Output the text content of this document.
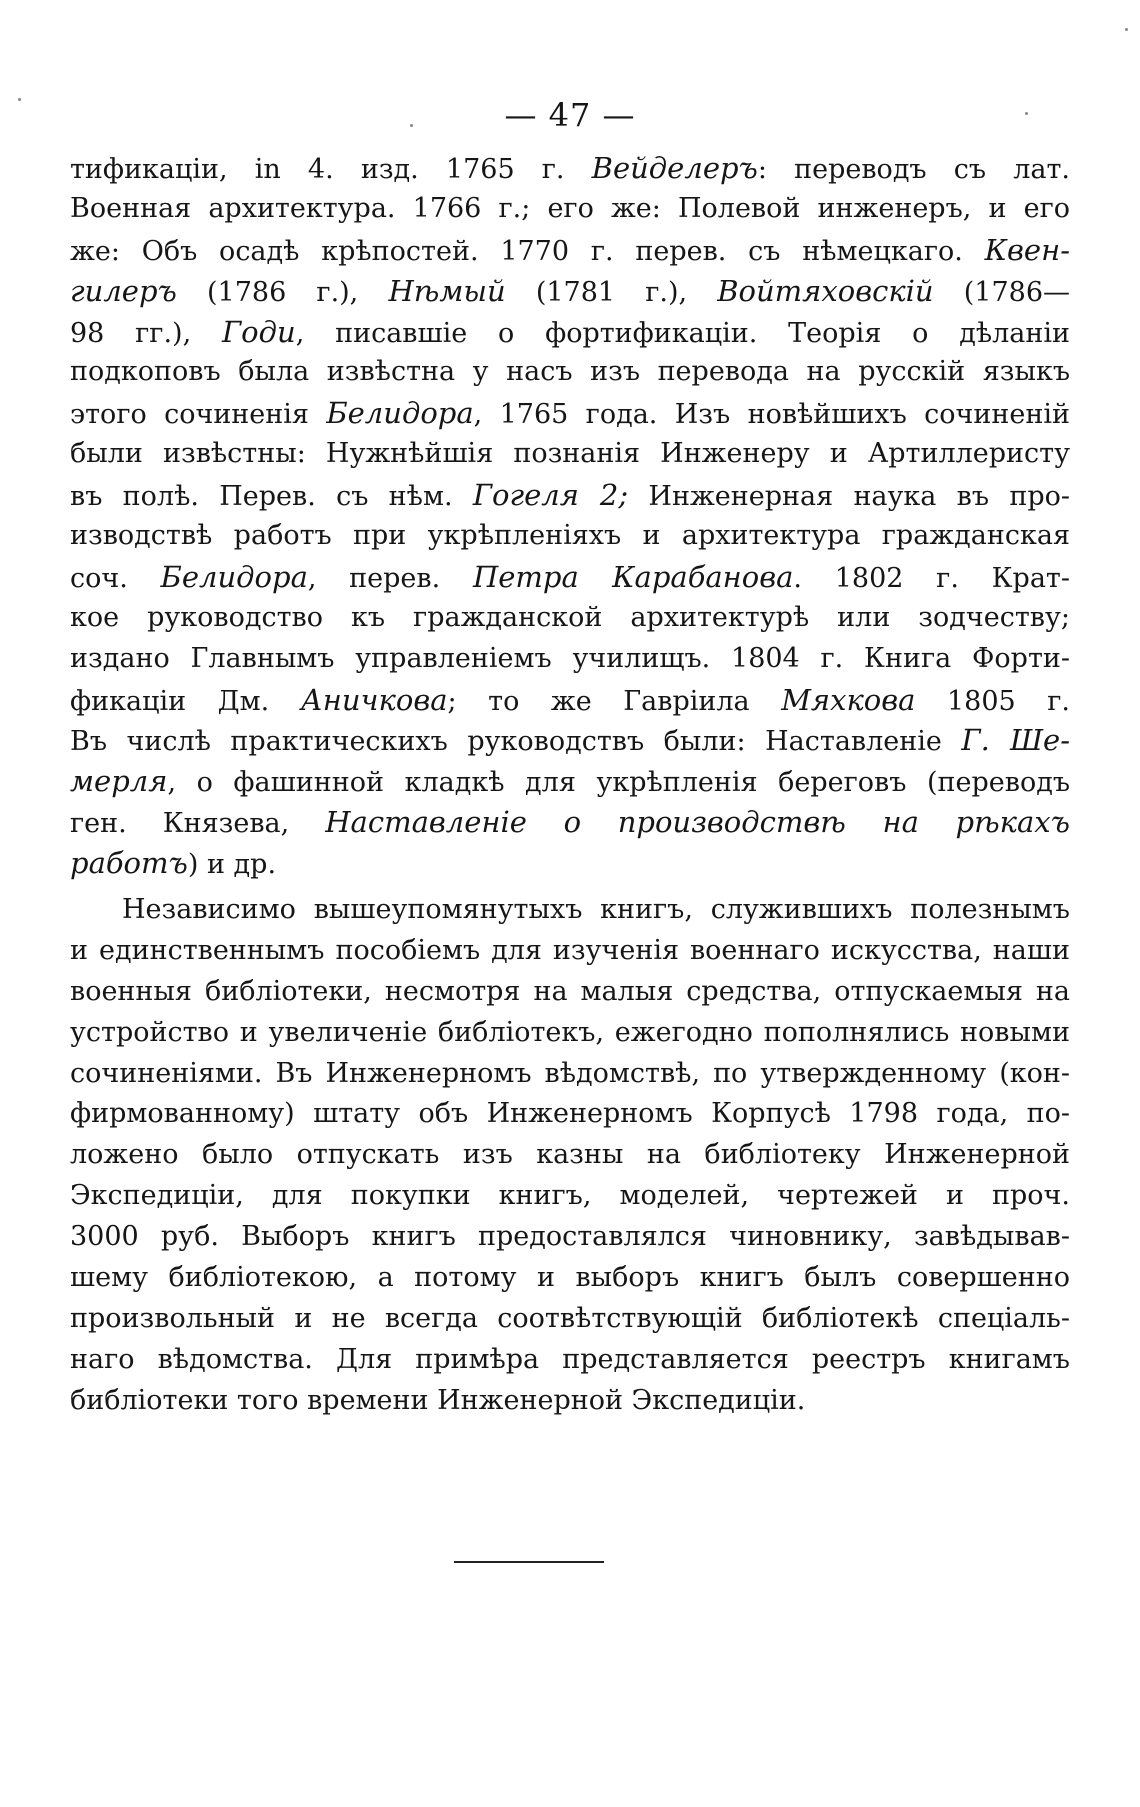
— 47 —
тификаціи, in 4. изд. 1765 г. Вейделеръ: переводъ съ лат.
Военная архитектура. 1766 г.; его же: Полевой инженеръ, и его
же: Объ осадѣ крѣпостей. 1770 г. перев. съ нѣмецкаго. Квен-
гилеръ (1786 г.), Нѣмый (1781 г.), Войтяховскій (1786—
98 гг.), Годи, писавшіе о фортификаціи. Теорія о дѣланіи
подкоповъ была извѣстна у насъ изъ перевода на русскій языкъ
этого сочиненія Белидора, 1765 года. Изъ новѣйшихъ сочиненій
были извѣстны: Нужнѣйшія познанія Инженеру и Артиллеристу
въ полѣ. Перев. съ нѣм. Гогеля 2; Инженерная наука въ про-
изводствѣ работъ при укрѣпленіяхъ и архитектура гражданская
соч. Белидора, перев. Петра Карабанова. 1802 г. Крат-
кое руководство къ гражданской архитектурѣ или зодчеству;
издано Главнымъ управленіемъ училищъ. 1804 г. Книга Форти-
фикаціи Дм. Аничкова; то же Гавріила Мяхкова 1805 г.
Въ числѣ практическихъ руководствъ были: Наставленіе Г. Ше-
мерля, о фашинной кладкѣ для укрѣпленія береговъ (переводъ
ген. Князева, Наставленіе о производствѣ на рѣкахъ
работъ) и др.
Независимо вышеупомянутыхъ книгъ, служившихъ полезнымъ
и единственнымъ пособіемъ для изученія военнаго искусства, наши
военныя библіотеки, несмотря на малыя средства, отпускаемыя на
устройство и увеличеніе библіотекъ, ежегодно пополнялись новыми
сочиненіями. Въ Инженерномъ вѣдомствѣ, по утвержденному (кон-
фирмованному) штату объ Инженерномъ Корпусѣ 1798 года, по-
ложено было отпускать изъ казны на библіотеку Инженерной
Экспедиціи, для покупки книгъ, моделей, чертежей и проч.
3000 руб. Выборъ книгъ предоставлялся чиновнику, завѣдывав-
шему библіотекою, а потому и выборъ книгъ былъ совершенно
произвольный и не всегда соотвѣтствующій библіотекѣ спеціаль-
наго вѣдомства. Для примѣра представляется реестръ книгамъ
библіотеки того времени Инженерной Экспедиціи.
